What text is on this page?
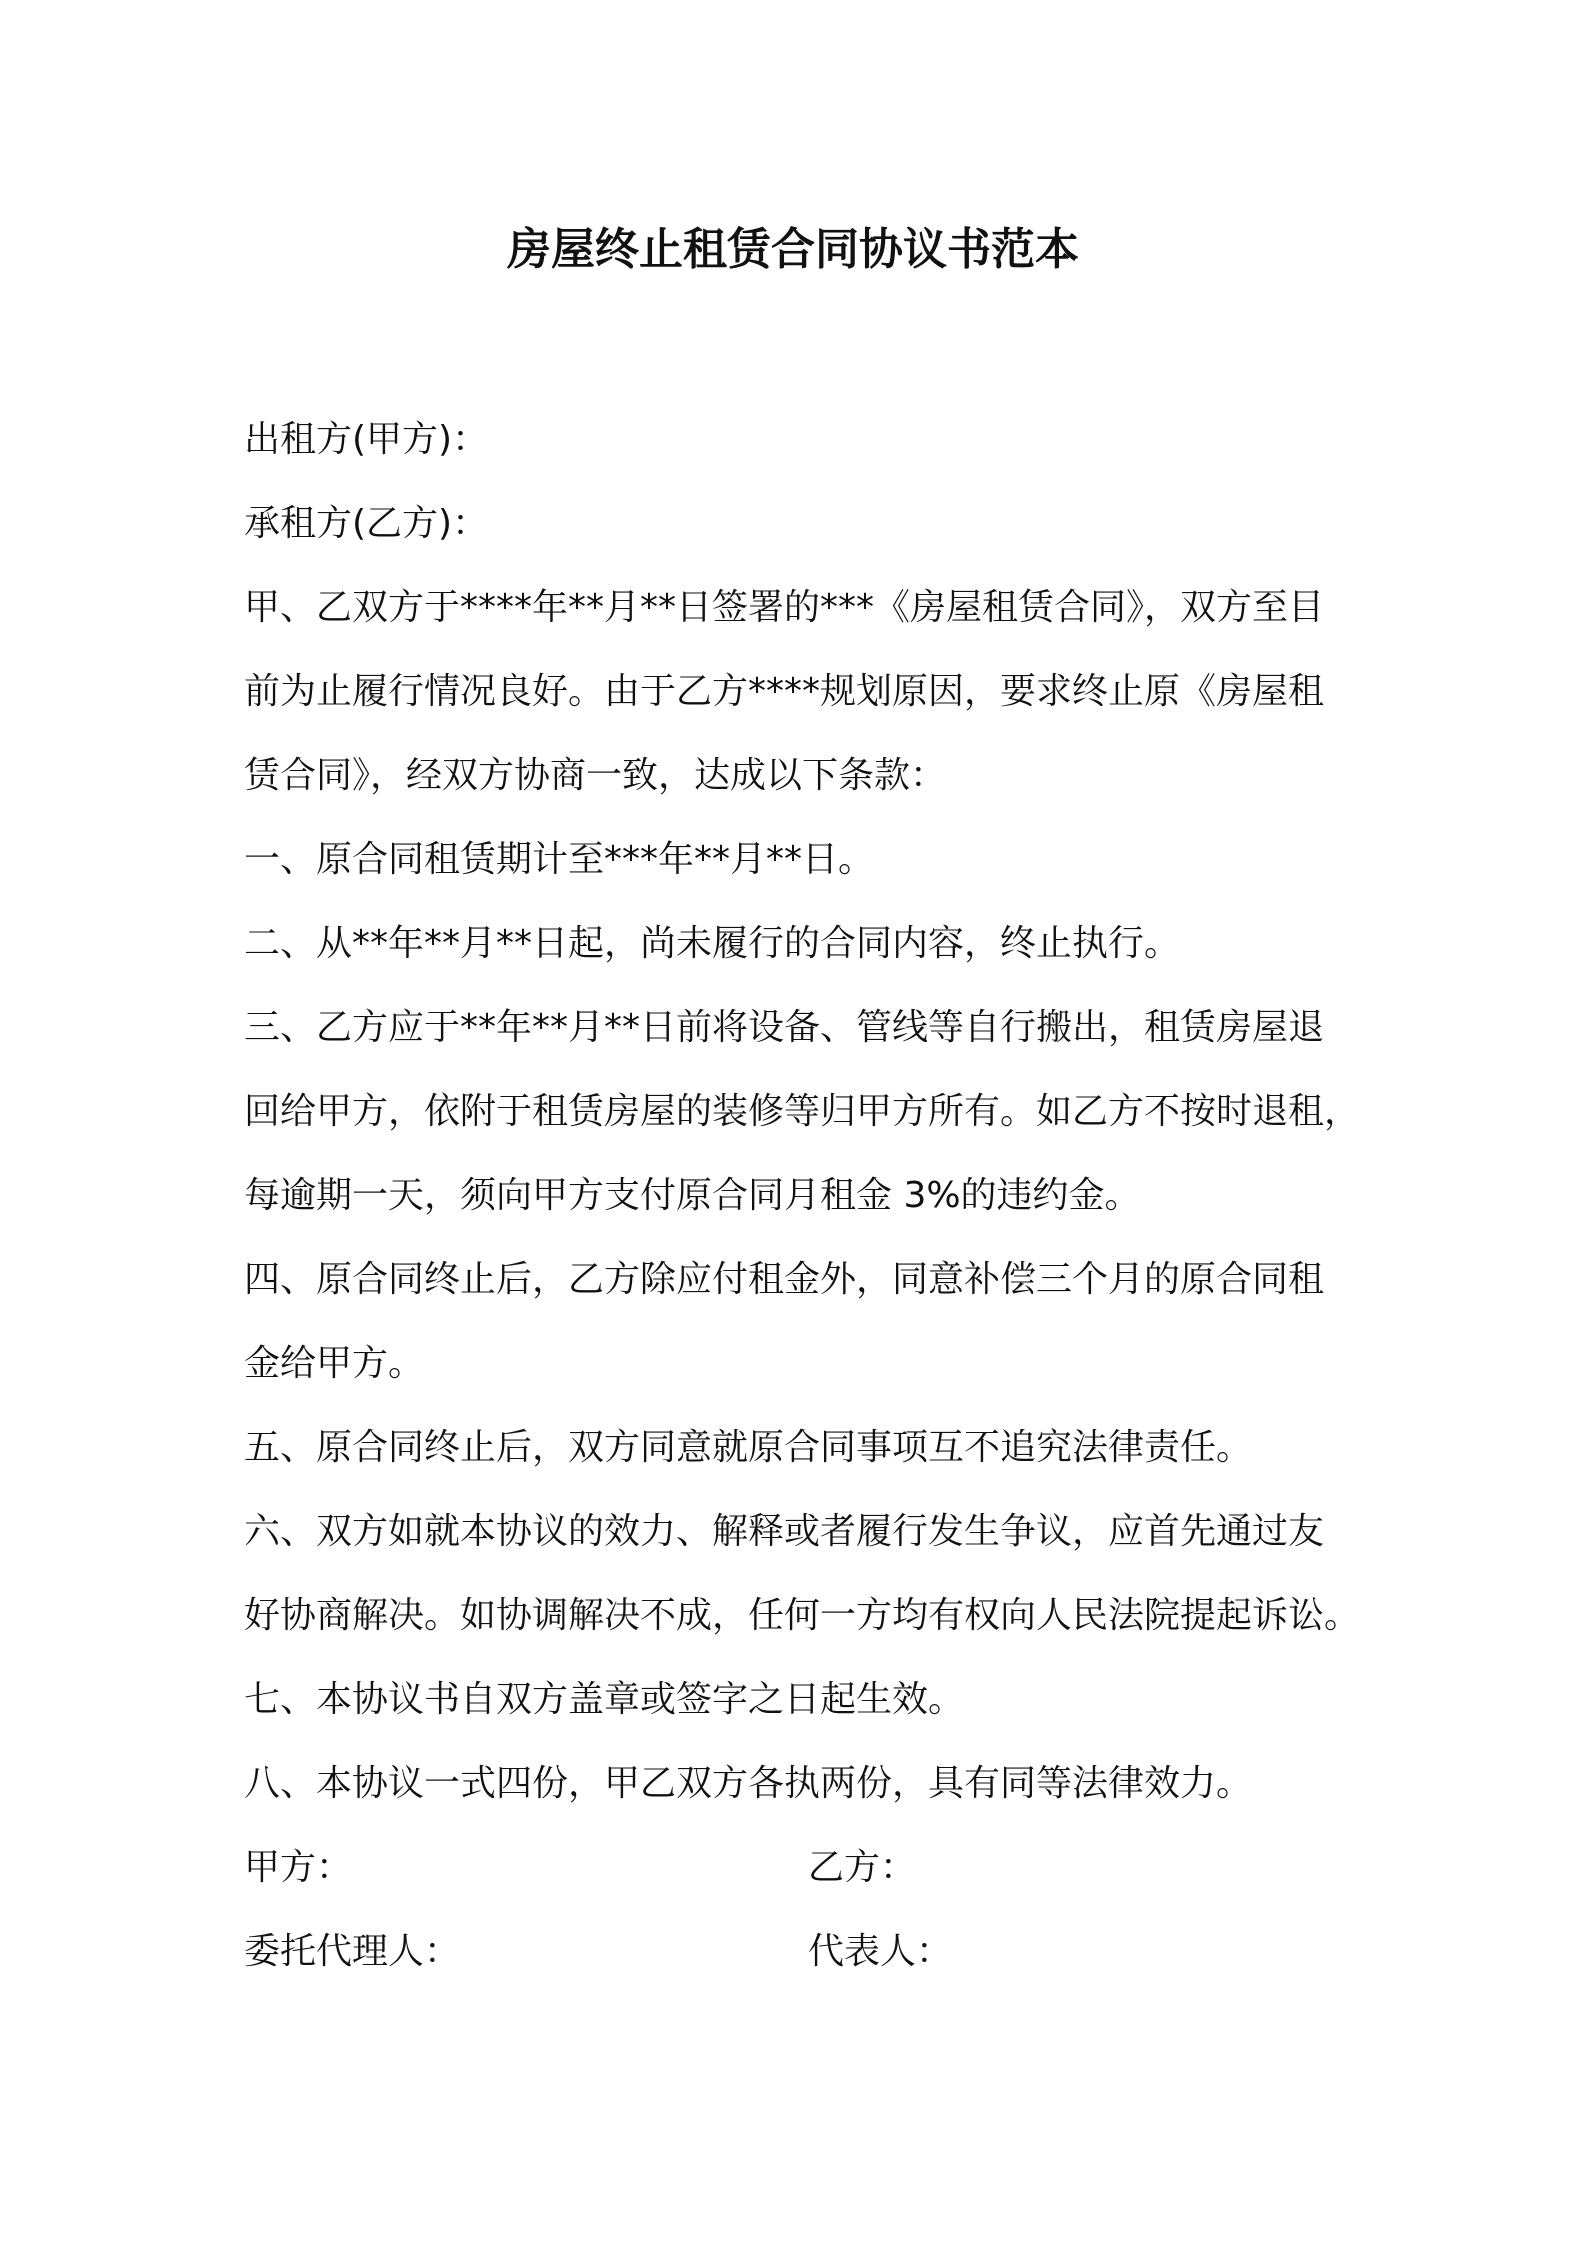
房屋终止租赁合同协议书范本
出租方(甲方)：
承租方(乙方)：
甲、乙双方于****年**月**日签署的***《房屋租赁合同》，双方至目
前为止履行情况良好。由于乙方****规划原因，要求终止原《房屋租
赁合同》，经双方协商一致，达成以下条款：
一、原合同租赁期计至***年**月**日。
二、从**年**月**日起，尚未履行的合同内容，终止执行。
三、乙方应于**年**月**日前将设备、管线等自行搬出，租赁房屋退
回给甲方，依附于租赁房屋的装修等归甲方所有。如乙方不按时退租，
每逾期一天，须向甲方支付原合同月租金 3%的违约金。
四、原合同终止后，乙方除应付租金外，同意补偿三个月的原合同租
金给甲方。
五、原合同终止后，双方同意就原合同事项互不追究法律责任。
六、双方如就本协议的效力、解释或者履行发生争议，应首先通过友
好协商解决。如协调解决不成，任何一方均有权向人民法院提起诉讼。
七、本协议书自双方盖章或签字之日起生效。
八、本协议一式四份，甲乙双方各执两份，具有同等法律效力。
甲方：	乙方：
委托代理人：	代表人：
